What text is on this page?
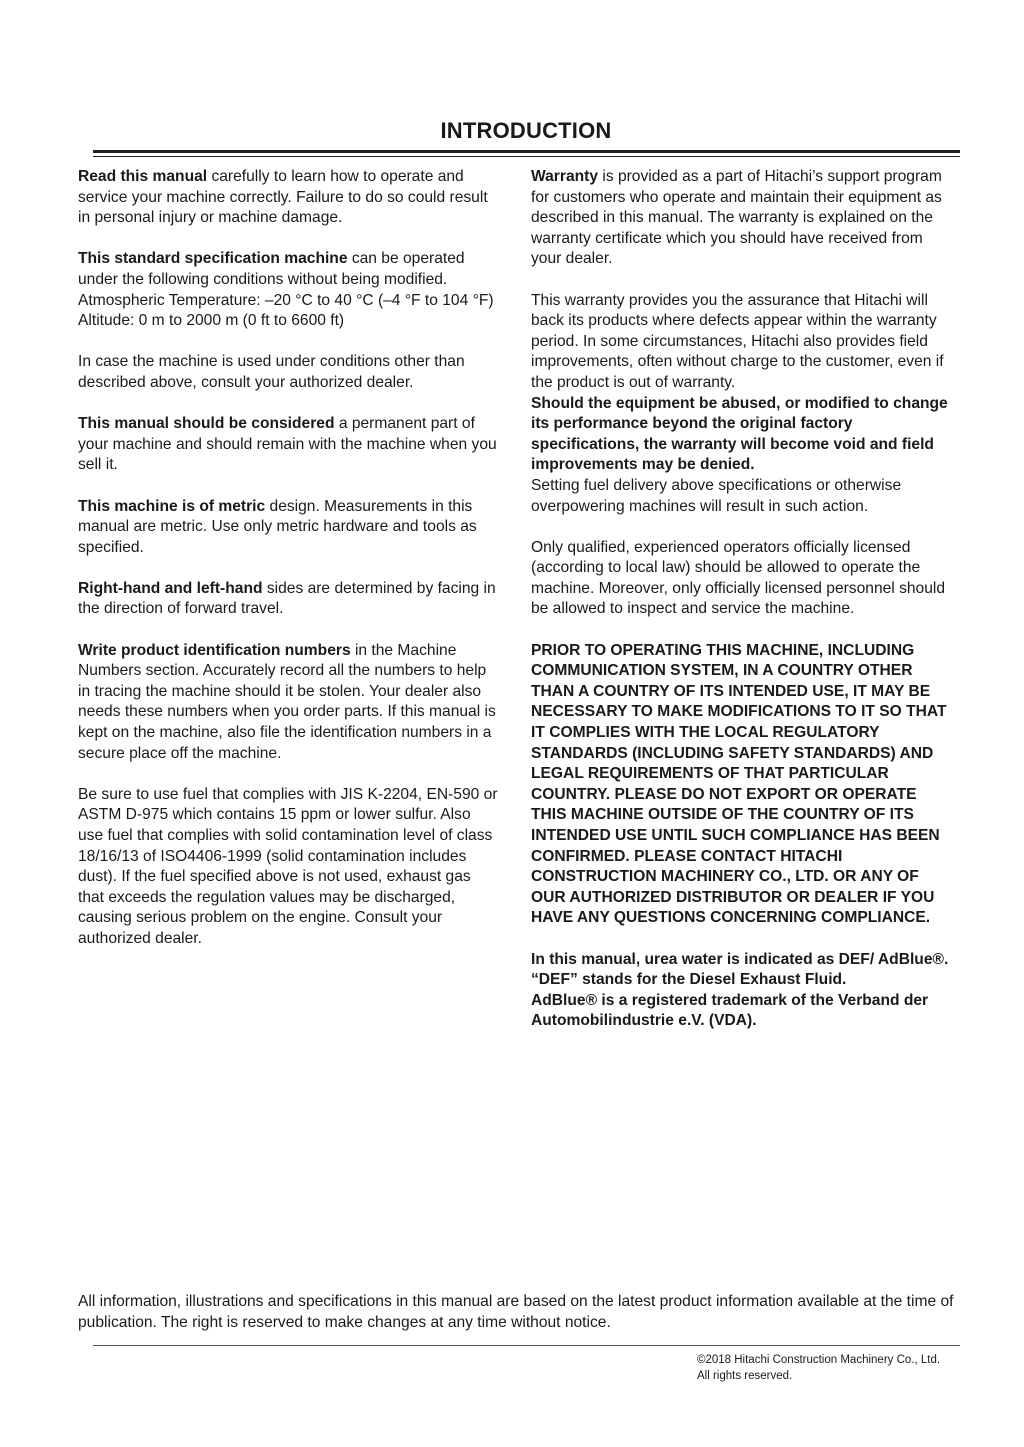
INTRODUCTION

Read this manual carefully to learn how to operate and service your machine correctly. Failure to do so could result in personal injury or machine damage.

This standard specification machine can be operated under the following conditions without being modified.
Atmospheric Temperature: –20 °C to 40 °C (–4 °F to 104 °F)
Altitude: 0 m to 2000 m (0 ft to 6600 ft)

In case the machine is used under conditions other than described above, consult your authorized dealer.

This manual should be considered a permanent part of your machine and should remain with the machine when you sell it.

This machine is of metric design. Measurements in this manual are metric. Use only metric hardware and tools as specified.

Right-hand and left-hand sides are determined by facing in the direction of forward travel.

Write product identification numbers in the Machine Numbers section. Accurately record all the numbers to help in tracing the machine should it be stolen. Your dealer also needs these numbers when you order parts. If this manual is kept on the machine, also file the identification numbers in a secure place off the machine.

Be sure to use fuel that complies with JIS K-2204, EN-590 or ASTM D-975 which contains 15 ppm or lower sulfur. Also use fuel that complies with solid contamination level of class 18/16/13 of ISO4406-1999 (solid contamination includes dust). If the fuel specified above is not used, exhaust gas that exceeds the regulation values may be discharged, causing serious problem on the engine. Consult your authorized dealer.

Warranty is provided as a part of Hitachi’s support program for customers who operate and maintain their equipment as described in this manual. The warranty is explained on the warranty certificate which you should have received from your dealer.

This warranty provides you the assurance that Hitachi will back its products where defects appear within the warranty period. In some circumstances, Hitachi also provides field improvements, often without charge to the customer, even if the product is out of warranty.
Should the equipment be abused, or modified to change its performance beyond the original factory specifications, the warranty will become void and field improvements may be denied.
Setting fuel delivery above specifications or otherwise overpowering machines will result in such action.

Only qualified, experienced operators officially licensed (according to local law) should be allowed to operate the machine. Moreover, only officially licensed personnel should be allowed to inspect and service the machine.

PRIOR TO OPERATING THIS MACHINE, INCLUDING COMMUNICATION SYSTEM, IN A COUNTRY OTHER THAN A COUNTRY OF ITS INTENDED USE, IT MAY BE NECESSARY TO MAKE MODIFICATIONS TO IT SO THAT IT COMPLIES WITH THE LOCAL REGULATORY STANDARDS (INCLUDING SAFETY STANDARDS) AND LEGAL REQUIREMENTS OF THAT PARTICULAR COUNTRY. PLEASE DO NOT EXPORT OR OPERATE THIS MACHINE OUTSIDE OF THE COUNTRY OF ITS INTENDED USE UNTIL SUCH COMPLIANCE HAS BEEN CONFIRMED. PLEASE CONTACT HITACHI CONSTRUCTION MACHINERY CO., LTD. OR ANY OF OUR AUTHORIZED DISTRIBUTOR OR DEALER IF YOU HAVE ANY QUESTIONS CONCERNING COMPLIANCE.

In this manual, urea water is indicated as DEF/ AdBlue®.
“DEF” stands for the Diesel Exhaust Fluid.
AdBlue® is a registered trademark of the Verband der Automobilindustrie e.V. (VDA).

All information, illustrations and specifications in this manual are based on the latest product information available at the time of publication. The right is reserved to make changes at any time without notice.

©2018 Hitachi Construction Machinery Co., Ltd.
All rights reserved.
